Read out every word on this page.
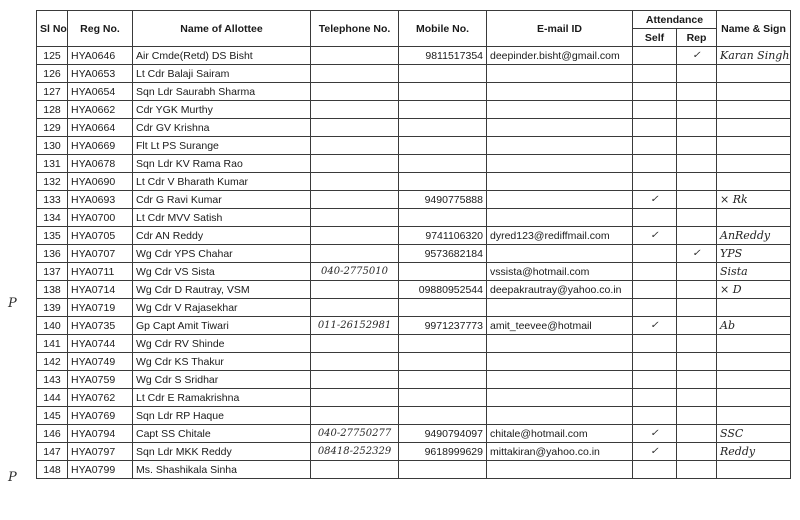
Sl No	Reg No.	Name of Allottee	Telephone No.	Mobile No.	E-mail ID	Attendance		Name & Sign
						Self	Rep	
125	HYA0646	Air Cmde(Retd) DS Bisht		9811517354	deepinder.bisht@gmail.com		✓	Karan Singh
126	HYA0653	Lt Cdr Balaji Sairam						
127	HYA0654	Sqn Ldr Saurabh Sharma						
128	HYA0662	Cdr YGK Murthy						
129	HYA0664	Cdr GV Krishna						
130	HYA0669	Flt Lt PS Surange						
131	HYA0678	Sqn Ldr KV Rama Rao						
132	HYA0690	Lt Cdr V Bharath Kumar						
133	HYA0693	Cdr G Ravi Kumar		9490775888		✓		× Rk
134	HYA0700	Lt Cdr MVV Satish						
135	HYA0705	Cdr AN Reddy		9741106320	dyred123@rediffmail.com	✓		AnReddy
136	HYA0707	Wg Cdr YPS Chahar		9573682184			✓	YPS
137	HYA0711	Wg Cdr VS Sista	040-2775010		vssista@hotmail.com			Sista
138	HYA0714	Wg Cdr D Rautray, VSM		09880952544	deepakrautray@yahoo.co.in			× D
139	HYA0719	Wg Cdr V Rajasekhar						
140	HYA0735	Gp Capt Amit Tiwari	011-26152981	9971237773	amit_teevee@hotmail	✓		Ab
141	HYA0744	Wg Cdr RV Shinde						
142	HYA0749	Wg Cdr KS Thakur						
143	HYA0759	Wg Cdr S Sridhar						
144	HYA0762	Lt Cdr E Ramakrishna						
145	HYA0769	Sqn Ldr RP Haque						
146	HYA0794	Capt SS Chitale	040-27750277	9490794097	chitale@hotmail.com	✓		SSC
147	HYA0797	Sqn Ldr MKK Reddy	08418-252329	9618999629	mittakiran@yahoo.co.in	✓		Reddy
148	HYA0799	Ms. Shashikala Sinha						
P
P
